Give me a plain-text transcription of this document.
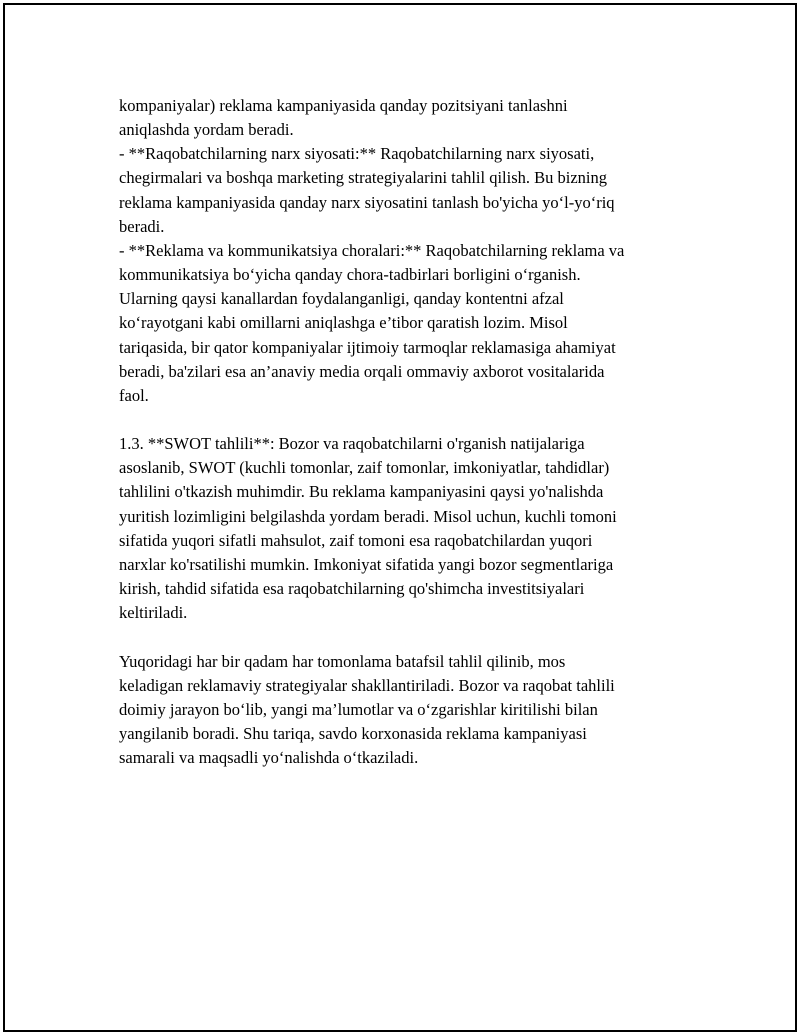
kompaniyalar) reklama kampaniyasida qanday pozitsiyani tanlashni
aniqlashda yordam beradi.

- **Raqobatchilarning narx siyosati:** Raqobatchilarning narx siyosati,
chegirmalari va boshqa marketing strategiyalarini tahlil qilish. Bu bizning
reklama kampaniyasida qanday narx siyosatini tanlash bo'yicha yo‘l-yo‘riq
beradi.

- **Reklama va kommunikatsiya choralari:** Raqobatchilarning reklama va
kommunikatsiya bo‘yicha qanday chora-tadbirlari borligini o‘rganish.
Ularning qaysi kanallardan foydalanganligi, qanday kontentni afzal
ko‘rayotgani kabi omillarni aniqlashga e’tibor qaratish lozim. Misol
tariqasida, bir qator kompaniyalar ijtimoiy tarmoqlar reklamasiga ahamiyat
beradi, ba'zilari esa an’anaviy media orqali ommaviy axborot vositalarida
faol.

1.3. **SWOT tahlili**: Bozor va raqobatchilarni o'rganish natijalariga
asoslanib, SWOT (kuchli tomonlar, zaif tomonlar, imkoniyatlar, tahdidlar)
tahlilini o'tkazish muhimdir. Bu reklama kampaniyasini qaysi yo'nalishda
yuritish lozimligini belgilashda yordam beradi. Misol uchun, kuchli tomoni
sifatida yuqori sifatli mahsulot, zaif tomoni esa raqobatchilardan yuqori
narxlar ko'rsatilishi mumkin. Imkoniyat sifatida yangi bozor segmentlariga
kirish, tahdid sifatida esa raqobatchilarning qo'shimcha investitsiyalari
keltiriladi.

Yuqoridagi har bir qadam har tomonlama batafsil tahlil qilinib, mos
keladigan reklamaviy strategiyalar shakllantiriladi. Bozor va raqobat tahlili
doimiy jarayon bo‘lib, yangi ma’lumotlar va o‘zgarishlar kiritilishi bilan
yangilanib boradi. Shu tariqa, savdo korxonasida reklama kampaniyasi
samarali va maqsadli yo‘nalishda o‘tkaziladi.
